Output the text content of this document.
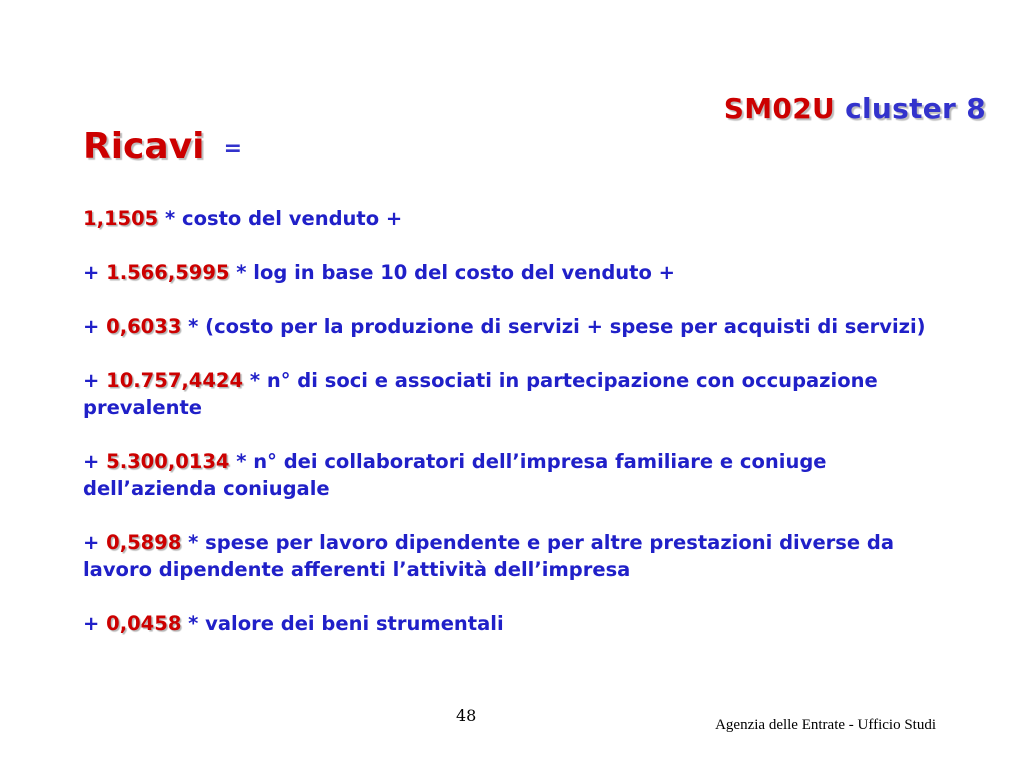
SM02U cluster 8
Ricavi =
1,1505 * costo del venduto +
+ 1.566,5995 * log in base 10 del costo del venduto +
+ 0,6033 * (costo per la produzione di servizi + spese per acquisti di servizi)
+ 10.757,4424 * n° di soci e associati in partecipazione con occupazione prevalente
+ 5.300,0134 * n° dei collaboratori dell’impresa familiare e coniuge dell’azienda coniugale
+ 0,5898 * spese per lavoro dipendente e per altre prestazioni diverse da lavoro dipendente afferenti l’attività dell’impresa
+ 0,0458 * valore dei beni strumentali
48	Agenzia delle Entrate - Ufficio Studi
